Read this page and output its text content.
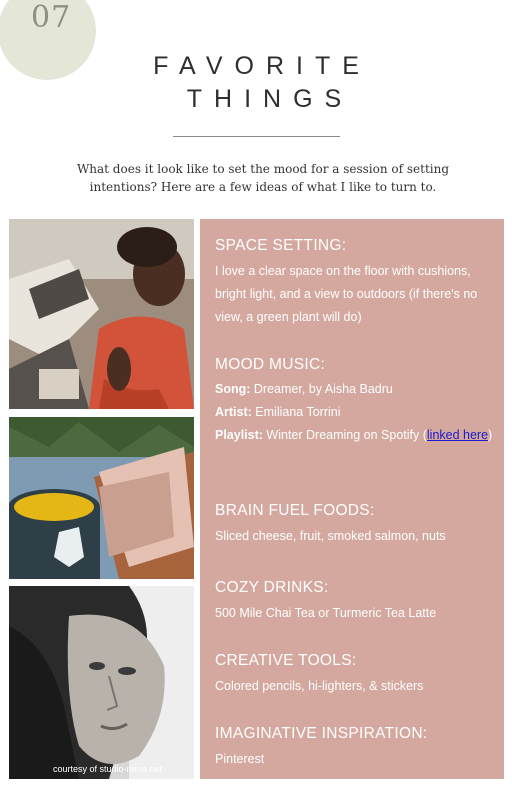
07
FAVORITE
THINGS
What does it look like to set the mood for a session of setting intentions? Here are a few ideas of what I like to turn to.
courtesy of studio-rama.net
SPACE SETTING:
I love a clear space on the floor with cushions, bright light, and a view to outdoors (if there's no view, a green plant will do)
MOOD MUSIC:
Song: Dreamer, by Aisha Badru
Artist: Emiliana Torrini
Playlist: Winter Dreaming on Spotify (linked here)
BRAIN FUEL FOODS:
Sliced cheese, fruit, smoked salmon, nuts
COZY DRINKS:
500 Mile Chai Tea or Turmeric Tea Latte
CREATIVE TOOLS:
Colored pencils, hi-lighters, & stickers
IMAGINATIVE INSPIRATION:
Pinterest
